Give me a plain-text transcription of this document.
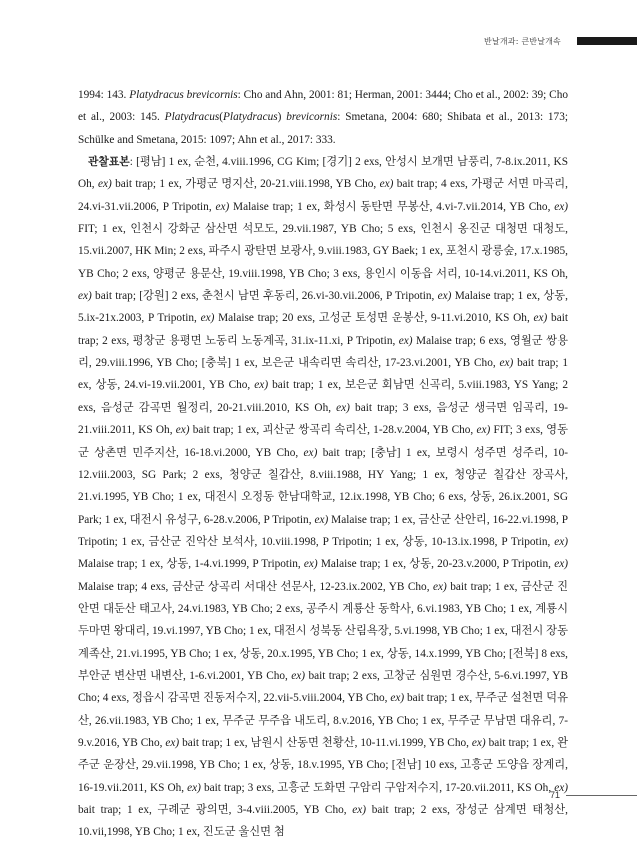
반날개과: 큰반날개속

1994: 143. Platydracus brevicornis: Cho and Ahn, 2001: 81; Herman, 2001: 3444; Cho et al., 2002: 39; Cho et al., 2003: 145. Platydracus(Platydracus) brevicornis: Smetana, 2004: 680; Shibata et al., 2013: 173; Schülke and Smetana, 2015: 1097; Ahn et al., 2017: 333.

관찰표본: [평남] 1 ex, 순천, 4.viii.1996, CG Kim; [경기] 2 exs, 안성시 보개면 남풍리, 7-8.ix.2011, KS Oh, ex) bait trap; 1 ex, 가평군 명지산, 20-21.viii.1998, YB Cho, ex) bait trap; 4 exs, 가평군 서면 마곡리, 24.vi-31.vii.2006, P Tripotin, ex) Malaise trap; 1 ex, 화성시 동탄면 무봉산, 4.vi-7.vii.2014, YB Cho, ex) FIT; 1 ex, 인천시 강화군 삼산면 석모도, 29.vii.1987, YB Cho; 5 exs, 인천시 옹진군 대청면 대청도, 15.vii.2007, HK Min; 2 exs, 파주시 광탄면 보광사, 9.viii.1983, GY Baek; 1 ex, 포천시 광릉숲, 17.x.1985, YB Cho; 2 exs, 양평군 용문산, 19.viii.1998, YB Cho; 3 exs, 용인시 이동읍 서리, 10-14.vi.2011, KS Oh, ex) bait trap; [강원] 2 exs, 춘천시 남면 후동리, 26.vi-30.vii.2006, P Tripotin, ex) Malaise trap; 1 ex, 상동, 5.ix-21x.2003, P Tripotin, ex) Malaise trap; 20 exs, 고성군 토성면 운봉산, 9-11.vi.2010, KS Oh, ex) bait trap; 2 exs, 평창군 용평면 노동리 노동계곡, 31.ix-11.xi, P Tripotin, ex) Malaise trap; 6 exs, 영월군 쌍용리, 29.viii.1996, YB Cho; [충북] 1 ex, 보은군 내속리면 속리산, 17-23.vi.2001, YB Cho, ex) bait trap; 1 ex, 상동, 24.vi-19.vii.2001, YB Cho, ex) bait trap; 1 ex, 보은군 회남면 신곡리, 5.viii.1983, YS Yang; 2 exs, 음성군 감곡면 월정리, 20-21.viii.2010, KS Oh, ex) bait trap; 3 exs, 음성군 생극면 임곡리, 19-21.viii.2011, KS Oh, ex) bait trap; 1 ex, 괴산군 쌍곡리 속리산, 1-28.v.2004, YB Cho, ex) FIT; 3 exs, 영동군 상촌면 민주지산, 16-18.vi.2000, YB Cho, ex) bait trap; [충남] 1 ex, 보령시 성주면 성주리, 10-12.viii.2003, SG Park; 2 exs, 청양군 칠갑산, 8.viii.1988, HY Yang; 1 ex, 청양군 칠갑산 장곡사, 21.vi.1995, YB Cho; 1 ex, 대전시 오정동 한남대학교, 12.ix.1998, YB Cho; 6 exs, 상동, 26.ix.2001, SG Park; 1 ex, 대전시 유성구, 6-28.v.2006, P Tripotin, ex) Malaise trap; 1 ex, 금산군 산안리, 16-22.vi.1998, P Tripotin; 1 ex, 금산군 진악산 보석사, 10.viii.1998, P Tripotin; 1 ex, 상동, 10-13.ix.1998, P Tripotin, ex) Malaise trap; 1 ex, 상동, 1-4.vi.1999, P Tripotin, ex) Malaise trap; 1 ex, 상동, 20-23.v.2000, P Tripotin, ex) Malaise trap; 4 exs, 금산군 상곡리 서대산 선문사, 12-23.ix.2002, YB Cho, ex) bait trap; 1 ex, 금산군 진안면 대둔산 태고사, 24.vi.1983, YB Cho; 2 exs, 공주시 계룡산 동학사, 6.vi.1983, YB Cho; 1 ex, 계룡시 두마면 왕대리, 19.vi.1997, YB Cho; 1 ex, 대전시 성북동 산림욕장, 5.vi.1998, YB Cho; 1 ex, 대전시 장동 계족산, 21.vi.1995, YB Cho; 1 ex, 상동, 20.x.1995, YB Cho; 1 ex, 상동, 14.x.1999, YB Cho; [전북] 8 exs, 부안군 변산면 내변산, 1-6.vi.2001, YB Cho, ex) bait trap; 2 exs, 고창군 심원면 경수산, 5-6.vi.1997, YB Cho; 4 exs, 정읍시 감곡면 진동저수지, 22.vii-5.viii.2004, YB Cho, ex) bait trap; 1 ex, 무주군 설천면 덕유산, 26.vii.1983, YB Cho; 1 ex, 무주군 무주읍 내도리, 8.v.2016, YB Cho; 1 ex, 무주군 무남면 대유리, 7-9.v.2016, YB Cho, ex) bait trap; 1 ex, 남원시 산동면 천황산, 10-11.vi.1999, YB Cho, ex) bait trap; 1 ex, 완주군 운장산, 29.vii.1998, YB Cho; 1 ex, 상동, 18.v.1995, YB Cho; [전남] 10 exs, 고흥군 도양읍 장계리, 16-19.vii.2011, KS Oh, ex) bait trap; 3 exs, 고흥군 도화면 구암리 구암저수지, 17-20.vii.2011, KS Oh, ex) bait trap; 1 ex, 구례군 광의면, 3-4.viii.2005, YB Cho, ex) bait trap; 2 exs, 장성군 삼계면 태청산, 10.vii,1998, YB Cho; 1 ex, 진도군 울신면 첨

71
